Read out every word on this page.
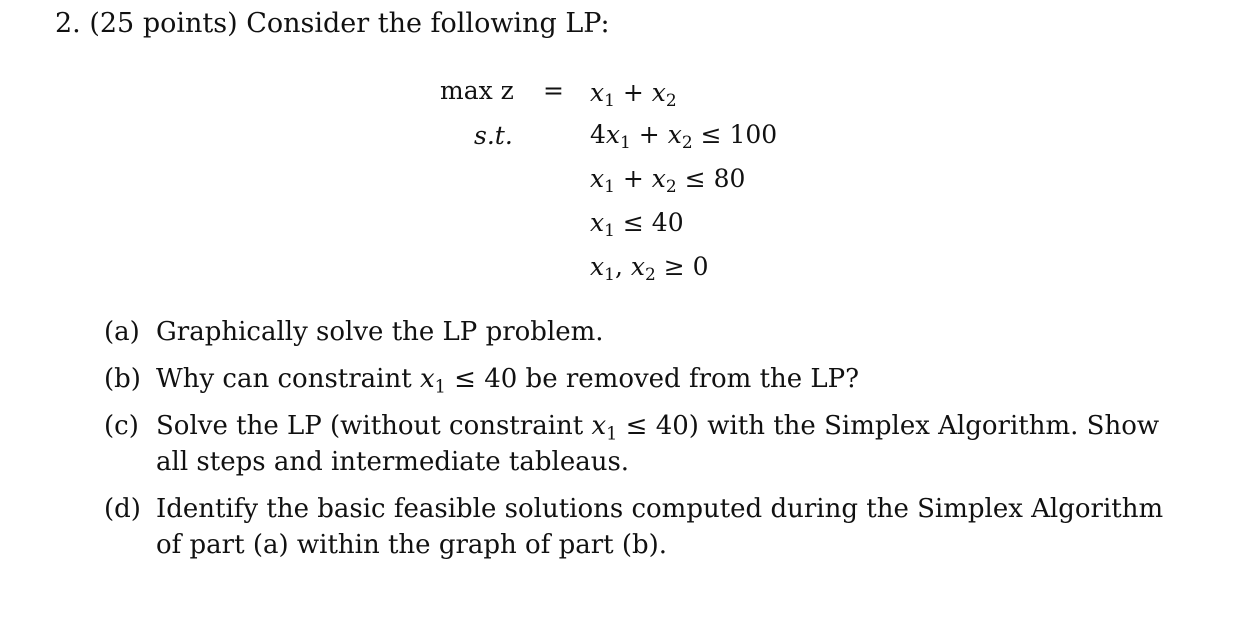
2. (25 points) Consider the following LP:
$\max z = x_1 + x_2$
s.t.	$4x_1 + x_2 \le 100$
$x_1 + x_2 \le 80$
$x_1 \le 40$
$x_1$, $x_2 \ge 0$
(a) Graphically solve the LP problem.
(b) Why can constraint $x_1 \le 40$ be removed from the LP?
(c) Solve the LP (without constraint $x_1 \le 40$) with the Simplex Algorithm. Show
all steps and intermediate tableaus.
(d) Identify the basic feasible solutions computed during the Simplex Algorithm
of part (a) within the graph of part (b).
